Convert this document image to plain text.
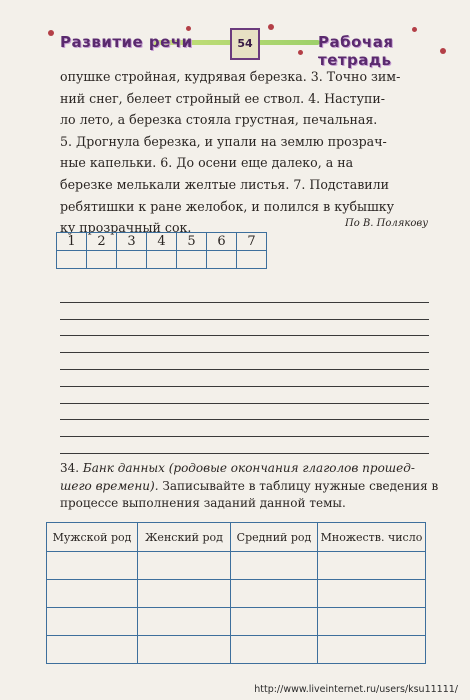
Развитие речи	54	Рабочая тетрадь
опушке стройная, кудрявая березка. 3. Точно зим-
ний снег, белеет стройный ее ствол. 4. Наступи-
ло лето, а березка стояла грустная, печальная.
5. Дрогнула березка, и упали на землю прозрач-
ные капельки. 6. До осени еще далеко, а на
березке мелькали желтые листья. 7. Подставили
ребятишки к ране желобок, и полился в кубышку
ку прозрачный сок.	По В. Полякову
1	2	3	4	5	6	7

34. Банк данных (родовые окончания глаголов прошед-
шего времени). Записывайте в таблицу нужные сведения в
процессе выполнения заданий данной темы.
Мужской род	Женский род	Средний род	Множеств. число

http://www.liveinternet.ru/users/ksu11111/
